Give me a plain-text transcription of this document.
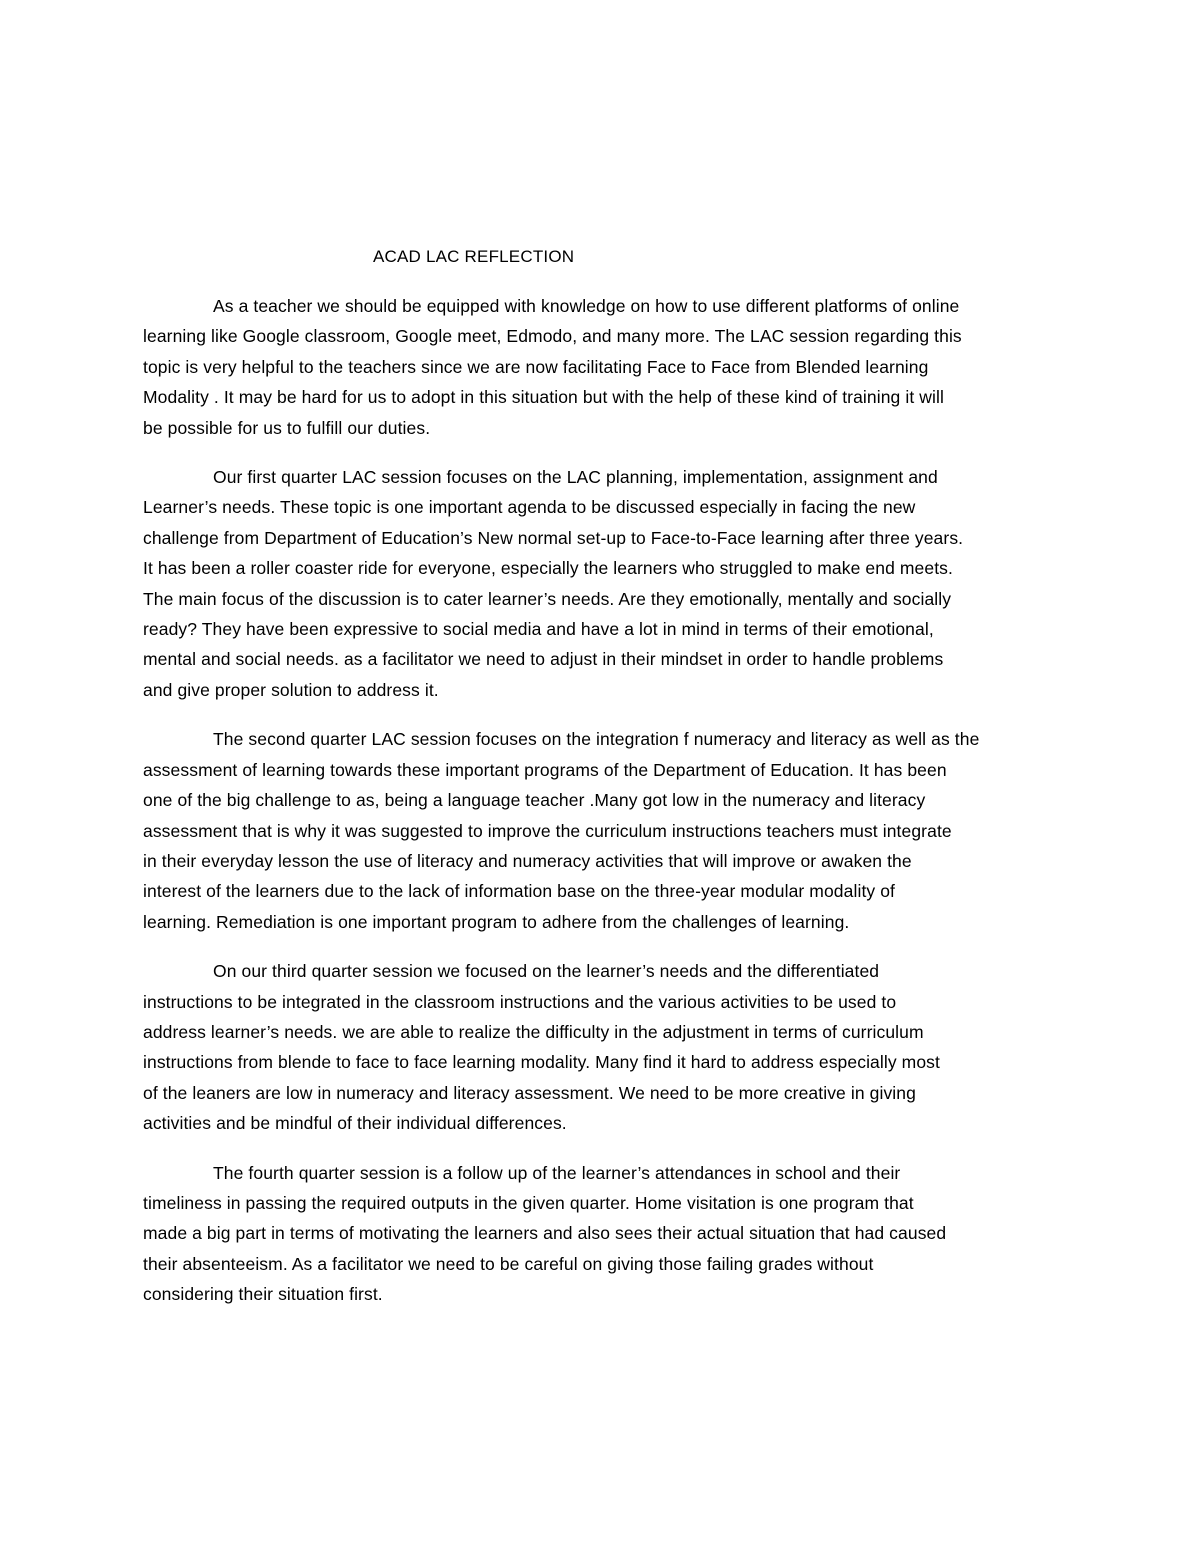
ACAD LAC REFLECTION

As a teacher we should be equipped with knowledge on how to use different platforms of online
learning like Google classroom, Google meet, Edmodo, and many more. The LAC session regarding this
topic is very helpful to the teachers since we are now facilitating Face to Face from Blended learning
Modality . It may be hard for us to adopt in this situation but with the help of these kind of training it will
be possible for us to fulfill our duties.

Our first quarter LAC session focuses on the LAC planning, implementation, assignment and
Learner’s needs. These topic is one important agenda to be discussed especially in facing the new
challenge from Department of Education’s New normal set-up to Face-to-Face learning after three years.
It has been a roller coaster ride for everyone, especially the learners who struggled to make end meets.
The main focus of the discussion is to cater learner’s needs. Are they emotionally, mentally and socially
ready? They have been expressive to social media and have a lot in mind in terms of their emotional,
mental and social needs. as a facilitator we need to adjust in their mindset in order to handle problems
and give proper solution to address it.

The second quarter LAC session focuses on the integration f numeracy and literacy as well as the
assessment of learning towards these important programs of the Department of Education. It has been
one of the big challenge to as, being a language teacher .Many got low in the numeracy and literacy
assessment that is why it was suggested to improve the curriculum instructions teachers must integrate
in their everyday lesson the use of literacy and numeracy activities that will improve or awaken the
interest of the learners due to the lack of information base on the three-year modular modality of
learning. Remediation is one important program to adhere from the challenges of learning.

On our third quarter session we focused on the learner’s needs and the differentiated
instructions to be integrated in the classroom instructions and the various activities to be used to
address learner’s needs. we are able to realize the difficulty in the adjustment in terms of curriculum
instructions from blende to face to face learning modality. Many find it hard to address especially most
of the leaners are low in numeracy and literacy assessment. We need to be more creative in giving
activities and be mindful of their individual differences.

The fourth quarter session is a follow up of the learner’s attendances in school and their
timeliness in passing the required outputs in the given quarter. Home visitation is one program that
made a big part in terms of motivating the learners and also sees their actual situation that had caused
their absenteeism. As a facilitator we need to be careful on giving those failing grades without
considering their situation first.
